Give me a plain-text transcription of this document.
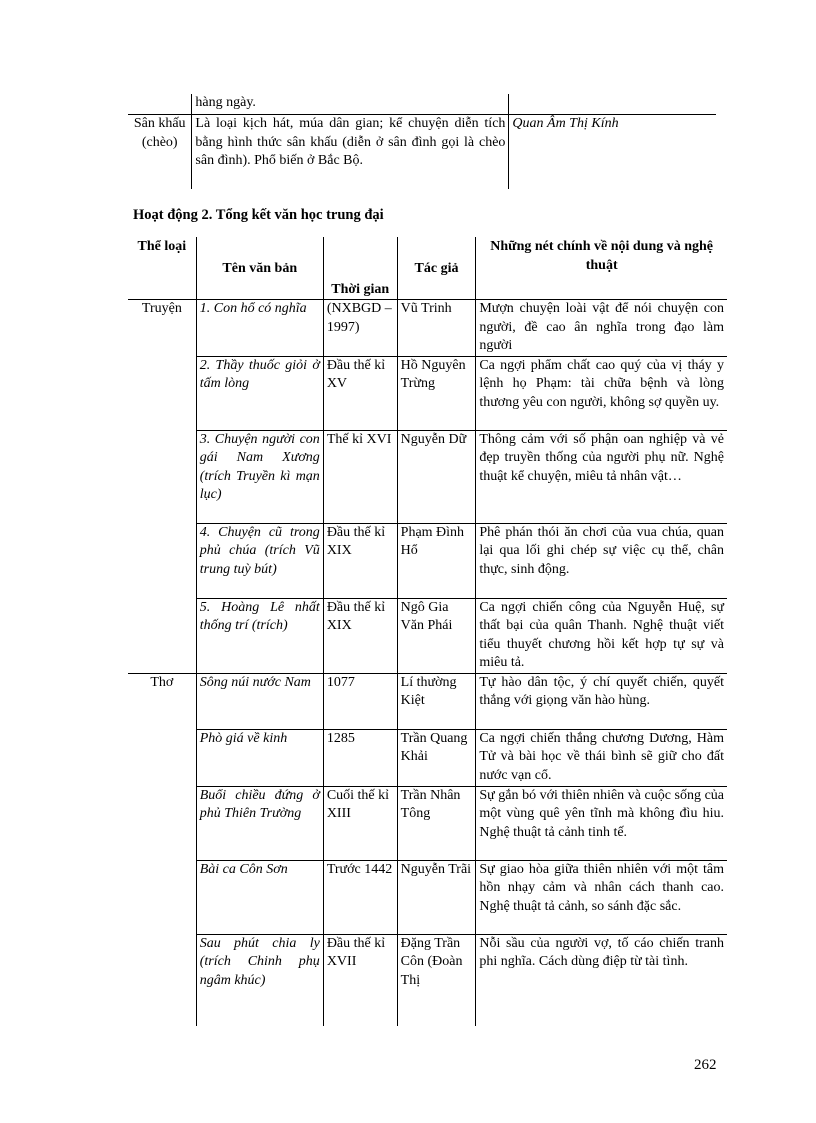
	hàng ngày.	
Sân khấu (chèo)	Là loại kịch hát, múa dân gian; kể chuyện diễn tích bằng hình thức sân khấu (diễn ở sân đình gọi là chèo sân đình). Phổ biến ở Bắc Bộ.	Quan Âm Thị Kính
Hoạt động 2. Tổng kết văn học trung đại
Thể loại	Tên văn bản	Thời gian	Tác giả	Những nét chính về nội dung và nghệ thuật
Truyện	1. Con hổ có nghĩa	(NXBGD – 1997)	Vũ Trinh	Mượn chuyện loài vật để nói chuyện con người, đề cao ân nghĩa trong đạo làm người
	2. Thầy thuốc giỏi ở tấm lòng	Đầu thế kỉ XV	Hồ Nguyên Trừng	Ca ngợi phẩm chất cao quý của vị tháy y lệnh họ Phạm: tài chữa bệnh và lòng thương yêu con người, không sợ quyền uy.
	3. Chuyện người con gái Nam Xương (trích Truyền kì mạn lục)	Thế kỉ XVI	Nguyễn Dữ	Thông cảm với số phận oan nghiệp và vẻ đẹp truyền thống của người phụ nữ. Nghệ thuật kể chuyện, miêu tả nhân vật…
	4. Chuyện cũ trong phủ chúa (trích Vũ trung tuỳ bút)	Đầu thế kỉ XIX	Phạm Đình Hổ	Phê phán thói ăn chơi của vua chúa, quan lại qua lối ghi chép sự việc cụ thể, chân thực, sinh động.
	5. Hoàng Lê nhất thống trí (trích)	Đầu thế kỉ XIX	Ngô Gia Văn Phái	Ca ngợi chiến công của Nguyễn Huệ, sự thất bại của quân Thanh. Nghệ thuật viết tiểu thuyết chương hồi kết hợp tự sự và miêu tả.
Thơ	Sông núi nước Nam	1077	Lí thường Kiệt	Tự hào dân tộc, ý chí quyết chiến, quyết thắng với giọng văn hào hùng.
	Phò giá về kinh	1285	Trần Quang Khải	Ca ngợi chiến thắng chương Dương, Hàm Tử và bài học về thái bình sẽ giữ cho đất nước vạn cổ.
	Buổi chiều đứng ở phủ Thiên Trường	Cuối thế kỉ XIII	Trần Nhân Tông	Sự gắn bó với thiên nhiên và cuộc sống của một vùng quê yên tĩnh mà không đìu hiu. Nghệ thuật tả cảnh tinh tế.
	Bài ca Côn Sơn	Trước 1442	Nguyễn Trãi	Sự giao hòa giữa thiên nhiên với một tâm hồn nhạy cảm và nhân cách thanh cao. Nghệ thuật tả cảnh, so sánh đặc sắc.
	Sau phút chia ly (trích Chinh phụ ngâm khúc)	Đầu thế kỉ XVII	Đặng Trần Côn (Đoàn Thị	Nỗi sầu của người vợ, tố cáo chiến tranh phi nghĩa. Cách dùng điệp từ tài tình.
262
